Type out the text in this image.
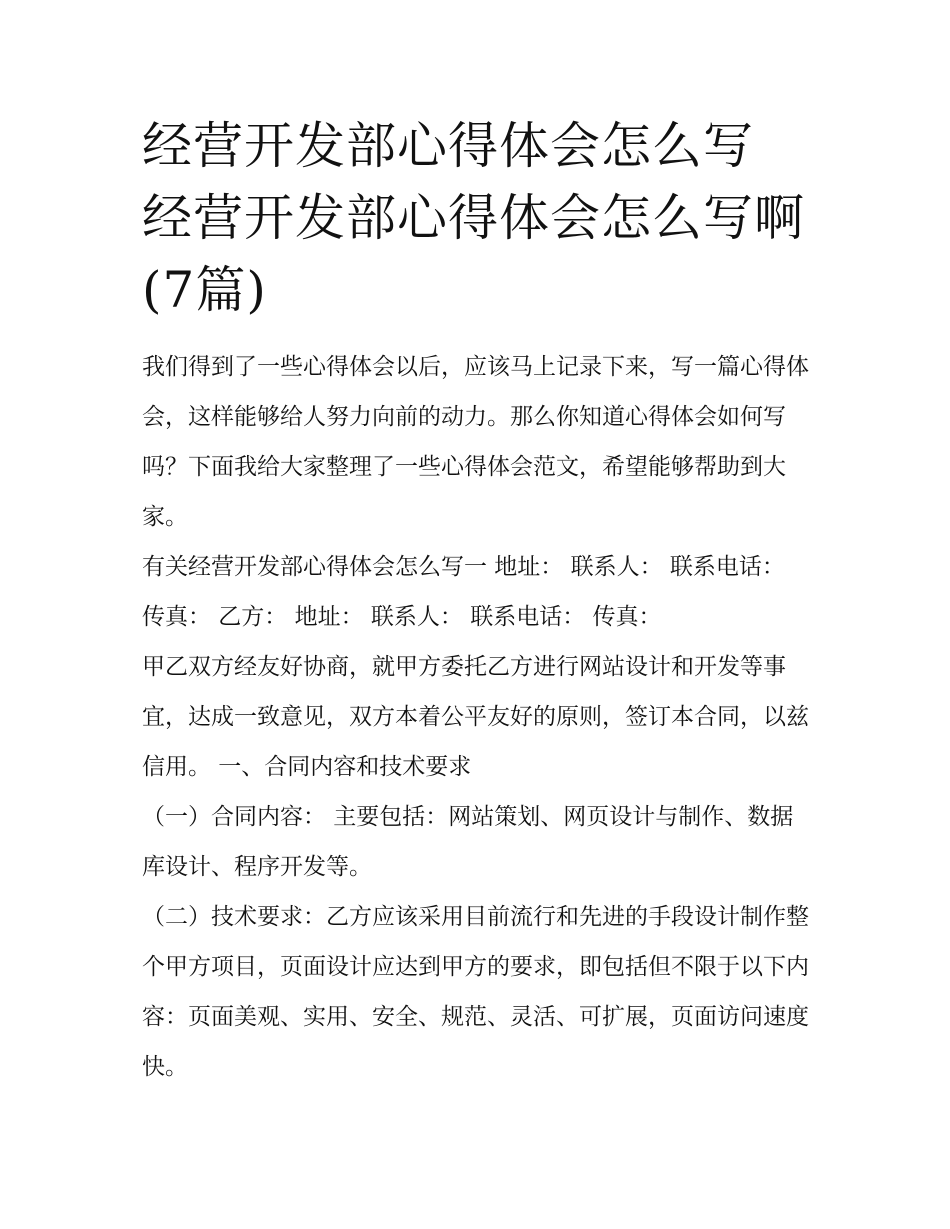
经营开发部心得体会怎么写 经营开发部心得体会怎么写啊(7篇)

我们得到了一些心得体会以后，应该马上记录下来，写一篇心得体会，这样能够给人努力向前的动力。那么你知道心得体会如何写吗？下面我给大家整理了一些心得体会范文，希望能够帮助到大家。

有关经营开发部心得体会怎么写一 地址： 联系人： 联系电话： 传真： 乙方： 地址： 联系人： 联系电话： 传真：

甲乙双方经友好协商，就甲方委托乙方进行网站设计和开发等事宜，达成一致意见，双方本着公平友好的原则，签订本合同，以兹信用。 一、合同内容和技术要求

（一）合同内容： 主要包括：网站策划、网页设计与制作、数据库设计、程序开发等。

（二）技术要求：乙方应该采用目前流行和先进的手段设计制作整个甲方项目，页面设计应达到甲方的要求，即包括但不限于以下内容：页面美观、实用、安全、规范、灵活、可扩展，页面访问速度快。
